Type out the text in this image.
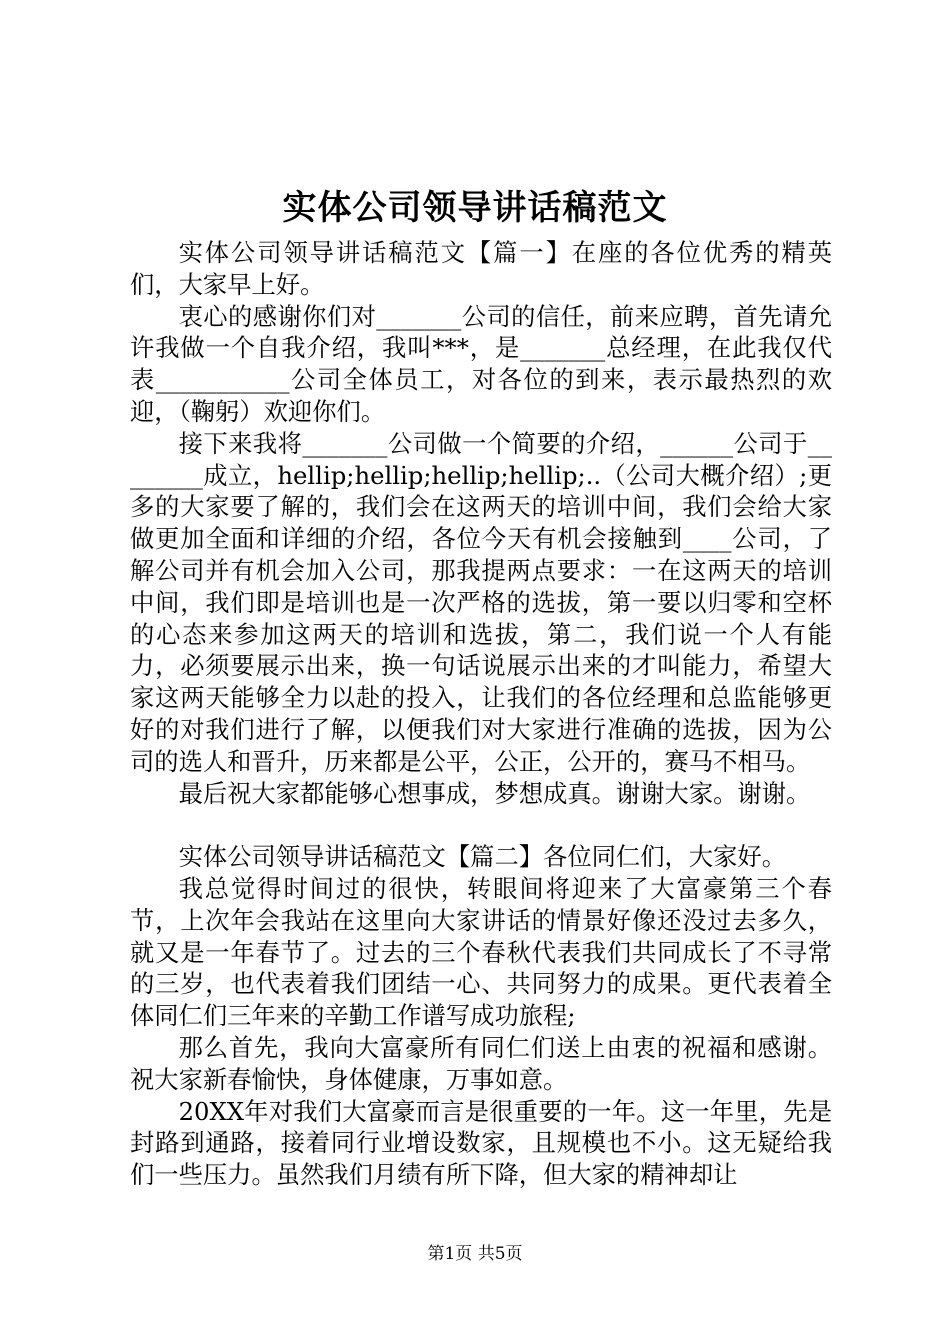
实体公司领导讲话稿范文

实体公司领导讲话稿范文【篇一】在座的各位优秀的精英们，大家早上好。

衷心的感谢你们对_______公司的信任，前来应聘，首先请允许我做一个自我介绍，我叫***，是_______总经理，在此我仅代表___________公司全体员工，对各位的到来，表示最热烈的欢迎，（鞠躬）欢迎你们。

接下来我将_______公司做一个简要的介绍，______公司于________成立，hellip;hellip;hellip;hellip;..（公司大概介绍）;更多的大家要了解的，我们会在这两天的培训中间，我们会给大家做更加全面和详细的介绍，各位今天有机会接触到____公司，了解公司并有机会加入公司，那我提两点要求：一在这两天的培训中间，我们即是培训也是一次严格的选拔，第一要以归零和空杯的心态来参加这两天的培训和选拔，第二，我们说一个人有能力，必须要展示出来，换一句话说展示出来的才叫能力，希望大家这两天能够全力以赴的投入，让我们的各位经理和总监能够更好的对我们进行了解，以便我们对大家进行准确的选拔，因为公司的选人和晋升，历来都是公平，公正，公开的，赛马不相马。

最后祝大家都能够心想事成，梦想成真。谢谢大家。谢谢。

实体公司领导讲话稿范文【篇二】各位同仁们，大家好。

我总觉得时间过的很快，转眼间将迎来了大富豪第三个春节，上次年会我站在这里向大家讲话的情景好像还没过去多久，就又是一年春节了。过去的三个春秋代表我们共同成长了不寻常的三岁，也代表着我们团结一心、共同努力的成果。更代表着全体同仁们三年来的辛勤工作谱写成功旅程;

那么首先，我向大富豪所有同仁们送上由衷的祝福和感谢。祝大家新春愉快，身体健康，万事如意。

20XX年对我们大富豪而言是很重要的一年。这一年里，先是封路到通路，接着同行业增设数家，且规模也不小。这无疑给我们一些压力。虽然我们月绩有所下降，但大家的精神却让

第1页 共5页
